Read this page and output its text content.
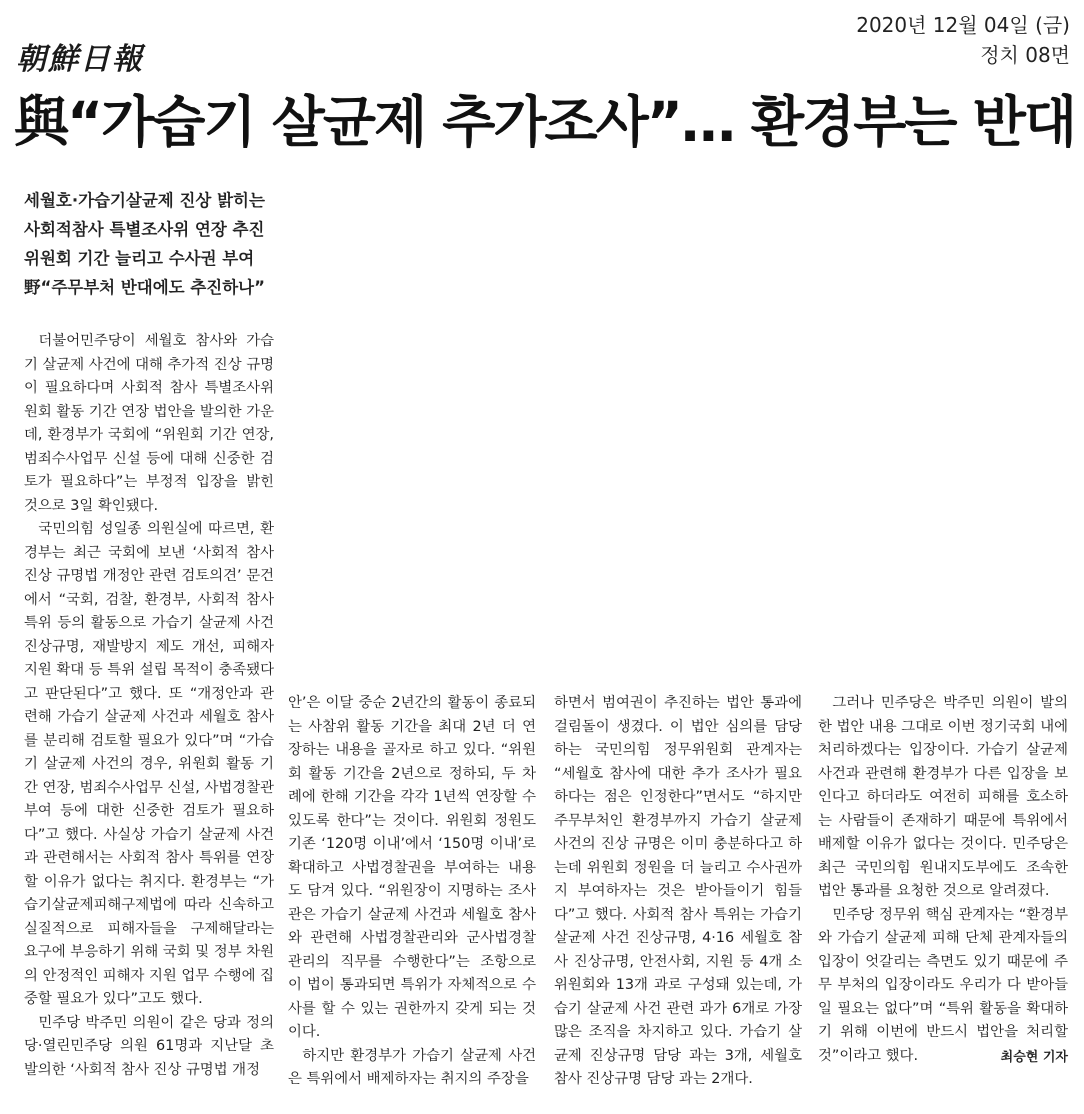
朝鮮日報
2020년 12월 04일 (금)
정치 08면
與“가습기 살균제 추가조사”… 환경부는 반대
세월호·가습기살균제 진상 밝히는
사회적참사 특별조사위 연장 추진
위원회 기간 늘리고 수사권 부여
野“주무부처 반대에도 추진하나”

더불어민주당이 세월호 참사와 가습기 살균제 사건에 대해 추가적 진상 규명이 필요하다며 사회적 참사 특별조사위원회 활동 기간 연장 법안을 발의한 가운데, 환경부가 국회에 “위원회 기간 연장, 범죄수사업무 신설 등에 대해 신중한 검토가 필요하다”는 부정적 입장을 밝힌 것으로 3일 확인됐다.

국민의힘 성일종 의원실에 따르면, 환경부는 최근 국회에 보낸 ‘사회적 참사 진상 규명법 개정안 관련 검토의견’ 문건에서 “국회, 검찰, 환경부, 사회적 참사 특위 등의 활동으로 가습기 살균제 사건 진상규명, 재발방지 제도 개선, 피해자 지원 확대 등 특위 설립 목적이 충족됐다고 판단된다”고 했다. 또 “개정안과 관련해 가습기 살균제 사건과 세월호 참사를 분리해 검토할 필요가 있다”며 “가습기 살균제 사건의 경우, 위원회 활동 기간 연장, 범죄수사업무 신설, 사법경찰관 부여 등에 대한 신중한 검토가 필요하다”고 했다. 사실상 가습기 살균제 사건과 관련해서는 사회적 참사 특위를 연장할 이유가 없다는 취지다. 환경부는 “가습기살균제피해구제법에 따라 신속하고 실질적으로 피해자들을 구제해달라는 요구에 부응하기 위해 국회 및 정부 차원의 안정적인 피해자 지원 업무 수행에 집중할 필요가 있다”고도 했다.

민주당 박주민 의원이 같은 당과 정의당·열린민주당 의원 61명과 지난달 초 발의한 ‘사회적 참사 진상 규명법 개정

안’은 이달 중순 2년간의 활동이 종료되는 사참위 활동 기간을 최대 2년 더 연장하는 내용을 골자로 하고 있다. “위원회 활동 기간을 2년으로 정하되, 두 차례에 한해 기간을 각각 1년씩 연장할 수 있도록 한다”는 것이다. 위원회 정원도 기존 ‘120명 이내’에서 ‘150명 이내’로 확대하고 사법경찰권을 부여하는 내용도 담겨 있다. “위원장이 지명하는 조사관은 가습기 살균제 사건과 세월호 참사와 관련해 사법경찰관리와 군사법경찰관리의 직무를 수행한다”는 조항으로 이 법이 통과되면 특위가 자체적으로 수사를 할 수 있는 권한까지 갖게 되는 것이다.

하지만 환경부가 가습기 살균제 사건은 특위에서 배제하자는 취지의 주장을

하면서 범여권이 추진하는 법안 통과에 걸림돌이 생겼다. 이 법안 심의를 담당하는 국민의힘 정무위원회 관계자는 “세월호 참사에 대한 추가 조사가 필요하다는 점은 인정한다”면서도 “하지만 주무부처인 환경부까지 가습기 살균제 사건의 진상 규명은 이미 충분하다고 하는데 위원회 정원을 더 늘리고 수사권까지 부여하자는 것은 받아들이기 힘들다”고 했다. 사회적 참사 특위는 가습기 살균제 사건 진상규명, 4·16 세월호 참사 진상규명, 안전사회, 지원 등 4개 소위원회와 13개 과로 구성돼 있는데, 가습기 살균제 사건 관련 과가 6개로 가장 많은 조직을 차지하고 있다. 가습기 살균제 진상규명 담당 과는 3개, 세월호 참사 진상규명 담당 과는 2개다.

그러나 민주당은 박주민 의원이 발의한 법안 내용 그대로 이번 정기국회 내에 처리하겠다는 입장이다. 가습기 살균제 사건과 관련해 환경부가 다른 입장을 보인다고 하더라도 여전히 피해를 호소하는 사람들이 존재하기 때문에 특위에서 배제할 이유가 없다는 것이다. 민주당은 최근 국민의힘 원내지도부에도 조속한 법안 통과를 요청한 것으로 알려졌다.

민주당 정무위 핵심 관계자는 “환경부와 가습기 살균제 피해 단체 관계자들의 입장이 엇갈리는 측면도 있기 때문에 주무 부처의 입장이라도 우리가 다 받아들일 필요는 없다”며 “특위 활동을 확대하기 위해 이번에 반드시 법안을 처리할 것”이라고 했다.	최승현 기자
